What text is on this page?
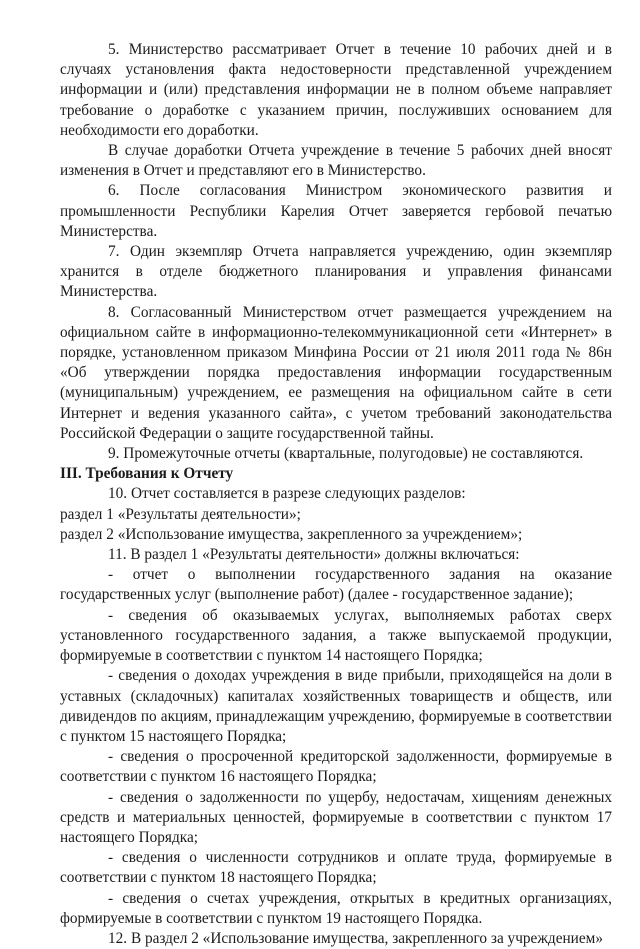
5. Министерство рассматривает Отчет в течение 10 рабочих дней и в случаях установления факта недостоверности представленной учреждением информации и (или) представления информации не в полном объеме направляет требование о доработке с указанием причин, послуживших основанием для необходимости его доработки.

В случае доработки Отчета учреждение в течение 5 рабочих дней вносят изменения в Отчет и представляют его в Министерство.

6. После согласования Министром экономического развития и промышленности Республики Карелия Отчет заверяется гербовой печатью Министерства.

7. Один экземпляр Отчета направляется учреждению, один экземпляр хранится в отделе бюджетного планирования и управления финансами Министерства.

8. Согласованный Министерством отчет размещается учреждением на официальном сайте в информационно-телекоммуникационной сети «Интернет» в порядке, установленном приказом Минфина России от 21 июля 2011 года № 86н «Об утверждении порядка предоставления информации государственным (муниципальным) учреждением, ее размещения на официальном сайте в сети Интернет и ведения указанного сайта», с учетом требований законодательства Российской Федерации о защите государственной тайны.

9. Промежуточные отчеты (квартальные, полугодовые) не составляются.

III. Требования к Отчету

10. Отчет составляется в разрезе следующих разделов:

раздел 1 «Результаты деятельности»;

раздел 2 «Использование имущества, закрепленного за учреждением»;

11. В раздел 1 «Результаты деятельности» должны включаться:

- отчет о выполнении государственного задания на оказание государственных услуг (выполнение работ) (далее - государственное задание);

- сведения об оказываемых услугах, выполняемых работах сверх установленного государственного задания, а также выпускаемой продукции, формируемые в соответствии с пунктом 14 настоящего Порядка;

- сведения о доходах учреждения в виде прибыли, приходящейся на доли в уставных (складочных) капиталах хозяйственных товариществ и обществ, или дивидендов по акциям, принадлежащим учреждению, формируемые в соответствии с пунктом 15 настоящего Порядка;

- сведения о просроченной кредиторской задолженности, формируемые в соответствии с пунктом 16 настоящего Порядка;

- сведения о задолженности по ущербу, недостачам, хищениям денежных средств и материальных ценностей, формируемые в соответствии с пунктом 17 настоящего Порядка;

- сведения о численности сотрудников и оплате труда, формируемые в соответствии с пунктом 18 настоящего Порядка;

- сведения о счетах учреждения, открытых в кредитных организациях, формируемые в соответствии с пунктом 19 настоящего Порядка.

12. В раздел 2 «Использование имущества, закрепленного за учреждением»
